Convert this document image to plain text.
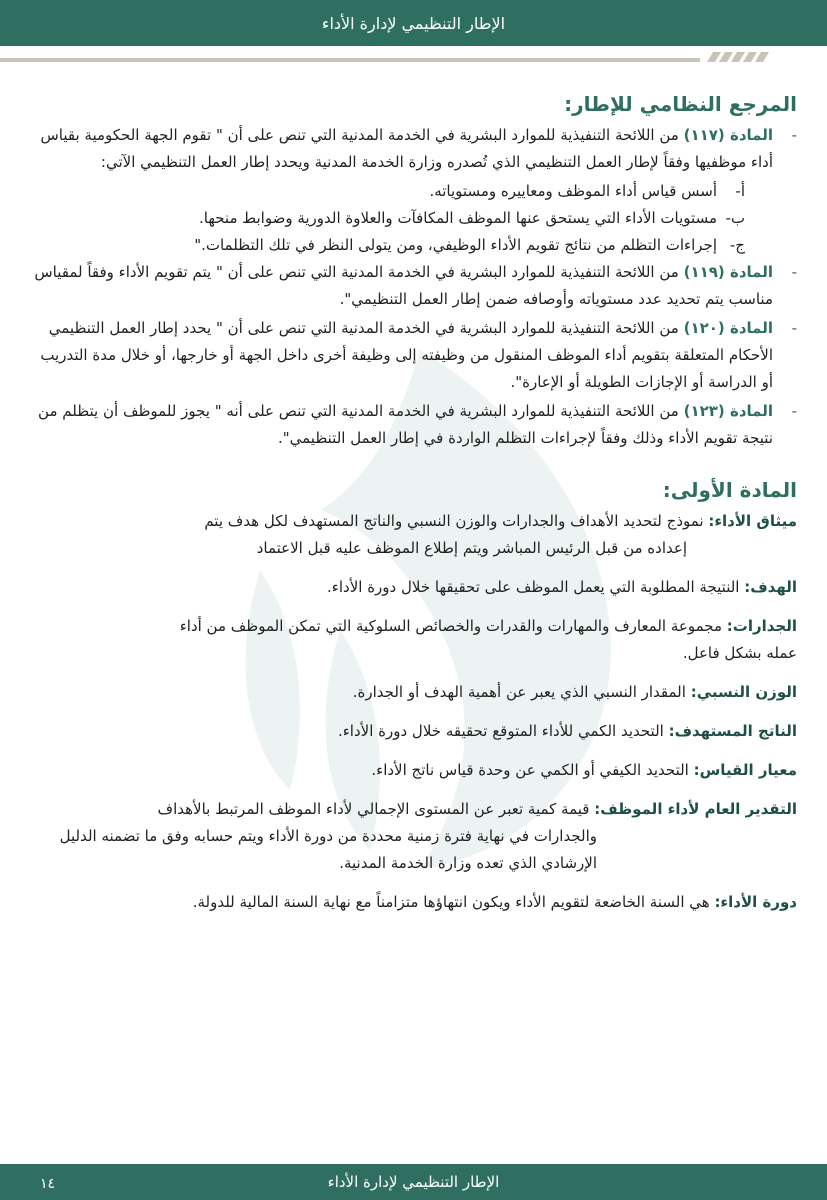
الإطار التنظيمي لإدارة الأداء
المرجع النظامي للإطار:
-
المادة (١١٧) من اللائحة التنفيذية للموارد البشرية في الخدمة المدنية التي تنص على أن " تقوم الجهة الحكومية بقياس أداء موظفيها وفقاً لإطار العمل التنظيمي الذي تُصدره وزارة الخدمة المدنية ويحدد إطار العمل التنظيمي الآتي:
أ-أسس قياس أداء الموظف ومعاييره ومستوياته.
ب-مستويات الأداء التي يستحق عنها الموظف المكافآت والعلاوة الدورية وضوابط منحها.
ج-إجراءات التظلم من نتائج تقويم الأداء الوظيفي، ومن يتولى النظر في تلك التظلمات."
-
المادة (١١٩) من اللائحة التنفيذية للموارد البشرية في الخدمة المدنية التي تنص على أن " يتم تقويم الأداء وفقاً لمقياس مناسب يتم تحديد عدد مستوياته وأوصافه ضمن إطار العمل التنظيمي".
-
المادة (١٢٠) من اللائحة التنفيذية للموارد البشرية في الخدمة المدنية التي تنص على أن " يحدد إطار العمل التنظيمي الأحكام المتعلقة بتقويم أداء الموظف المنقول من وظيفته إلى وظيفة أخرى داخل الجهة أو خارجها، أو خلال مدة التدريب أو الدراسة أو الإجازات الطويلة أو الإعارة".
-
المادة (١٢٣) من اللائحة التنفيذية للموارد البشرية في الخدمة المدنية التي تنص على أنه " يجوز للموظف أن يتظلم من نتيجة تقويم الأداء وذلك وفقاً لإجراءات التظلم الواردة في إطار العمل التنظيمي".
المادة الأولى:
ميثاق الأداء: نموذج لتحديد الأهداف والجدارات والوزن النسبي والناتج المستهدف لكل هدف يتم
إعداده من قبل الرئيس المباشر ويتم إطلاع الموظف عليه قبل الاعتماد
الهدف: النتيجة المطلوبة التي يعمل الموظف على تحقيقها خلال دورة الأداء.
الجدارات: مجموعة المعارف والمهارات والقدرات والخصائص السلوكية التي تمكن الموظف من أداء
عمله بشكل فاعل.
الوزن النسبي: المقدار النسبي الذي يعبر عن أهمية الهدف أو الجدارة.
الناتج المستهدف: التحديد الكمي للأداء المتوقع تحقيقه خلال دورة الأداء.
معيار القياس: التحديد الكيفي أو الكمي عن وحدة قياس ناتج الأداء.
التقدير العام لأداء الموظف: قيمة كمية تعبر عن المستوى الإجمالي لأداء الموظف المرتبط بالأهداف
والجدارات في نهاية فترة زمنية محددة من دورة الأداء ويتم حسابه وفق ما تضمنه الدليل الإرشادي الذي تعده وزارة الخدمة المدنية.
دورة الأداء: هي السنة الخاضعة لتقويم الأداء ويكون انتهاؤها متزامناً مع نهاية السنة المالية للدولة.
الإطار التنظيمي لإدارة الأداء
١٤
